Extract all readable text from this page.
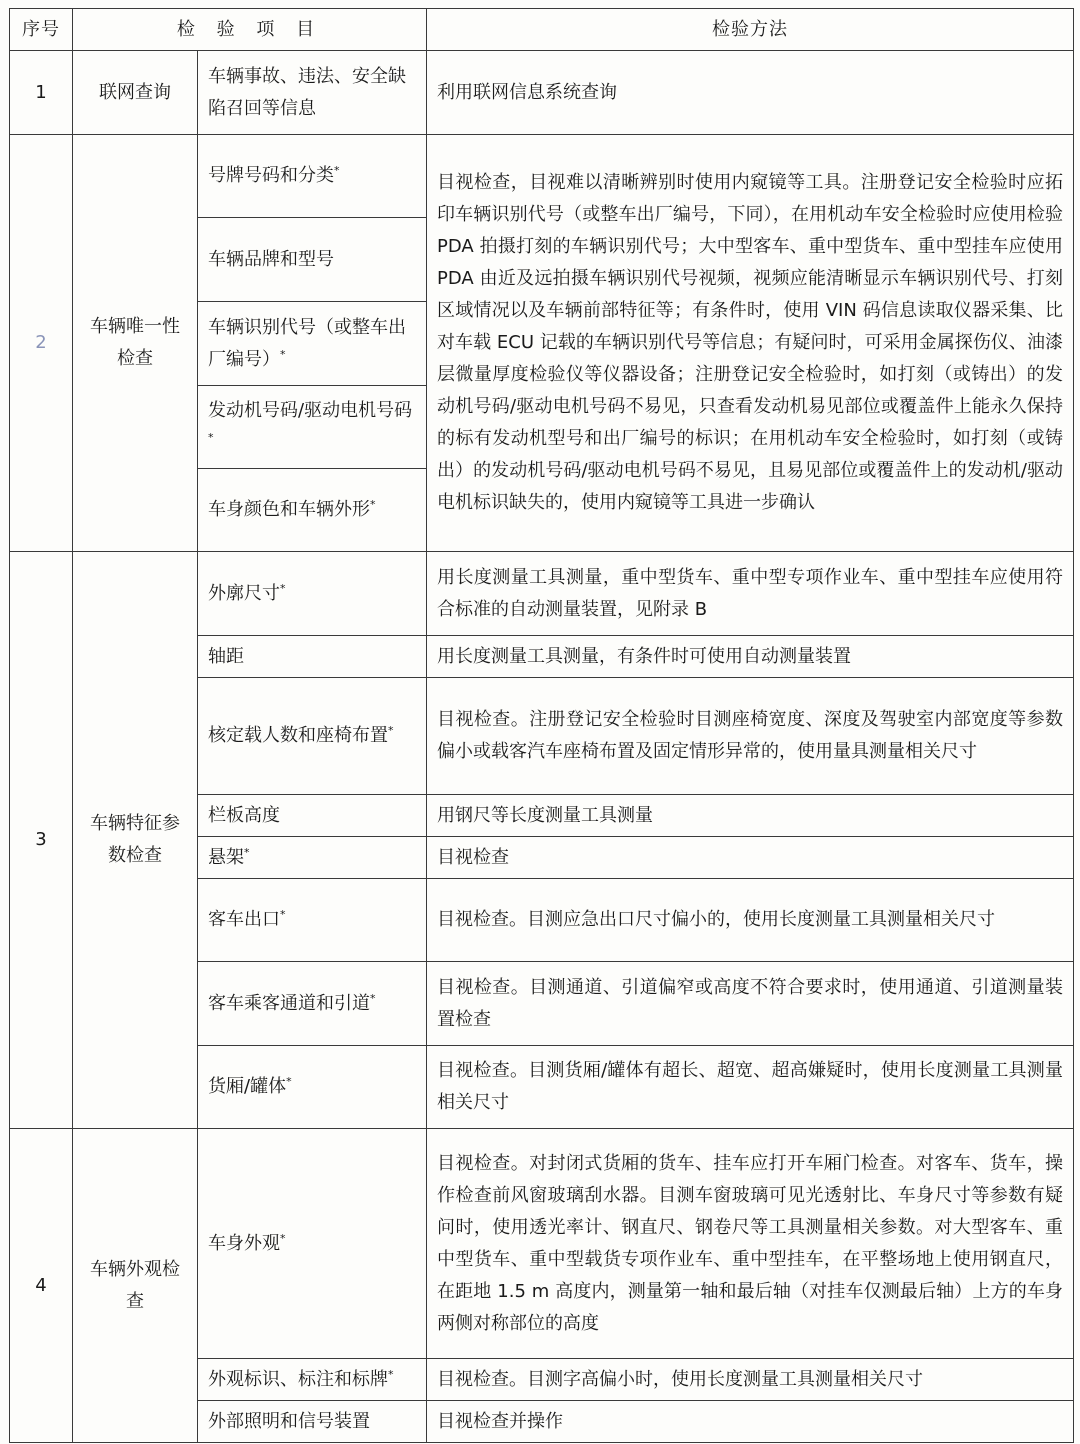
序号	检 验 项 目		检验方法
1	联网查询	车辆事故、违法、安全缺陷召回等信息	利用联网信息系统查询
2	车辆唯一性检查	号牌号码和分类*	目视检查，目视难以清晰辨别时使用内窥镜等工具。注册登记安全检验时应拓印车辆识别代号（或整车出厂编号，下同），在用机动车安全检验时应使用检验 PDA 拍摄打刻的车辆识别代号；大中型客车、重中型货车、重中型挂车应使用 PDA 由近及远拍摄车辆识别代号视频，视频应能清晰显示车辆识别代号、打刻区域情况以及车辆前部特征等；有条件时，使用 VIN 码信息读取仪器采集、比对车载 ECU 记载的车辆识别代号等信息；有疑问时，可采用金属探伤仪、油漆层微量厚度检验仪等仪器设备；注册登记安全检验时，如打刻（或铸出）的发动机号码/驱动电机号码不易见，只查看发动机易见部位或覆盖件上能永久保持的标有发动机型号和出厂编号的标识；在用机动车安全检验时，如打刻（或铸出）的发动机号码/驱动电机号码不易见，且易见部位或覆盖件上的发动机/驱动电机标识缺失的，使用内窥镜等工具进一步确认
		车辆品牌和型号	
		车辆识别代号（或整车出厂编号）*
		发动机号码/驱动电机号码*
		车身颜色和车辆外形*
3	车辆特征参数检查	外廓尺寸*	用长度测量工具测量，重中型货车、重中型专项作业车、重中型挂车应使用符合标准的自动测量装置，见附录 B
		轴距	用长度测量工具测量，有条件时可使用自动测量装置
		核定载人数和座椅布置*	目视检查。注册登记安全检验时目测座椅宽度、深度及驾驶室内部宽度等参数偏小或载客汽车座椅布置及固定情形异常的，使用量具测量相关尺寸
		栏板高度	用钢尺等长度测量工具测量
		悬架*	目视检查
		客车出口*	目视检查。目测应急出口尺寸偏小的，使用长度测量工具测量相关尺寸
		客车乘客通道和引道*	目视检查。目测通道、引道偏窄或高度不符合要求时，使用通道、引道测量装置检查
		货厢/罐体*	目视检查。目测货厢/罐体有超长、超宽、超高嫌疑时，使用长度测量工具测量相关尺寸
4	车辆外观检查	车身外观*	目视检查。对封闭式货厢的货车、挂车应打开车厢门检查。对客车、货车，操作检查前风窗玻璃刮水器。目测车窗玻璃可见光透射比、车身尺寸等参数有疑问时，使用透光率计、钢直尺、钢卷尺等工具测量相关参数。对大型客车、重中型货车、重中型载货专项作业车、重中型挂车，在平整场地上使用钢直尺，在距地 1.5 m 高度内，测量第一轴和最后轴（对挂车仅测最后轴）上方的车身两侧对称部位的高度
		外观标识、标注和标牌*	目视检查。目测字高偏小时，使用长度测量工具测量相关尺寸
		外部照明和信号装置	目视检查并操作
